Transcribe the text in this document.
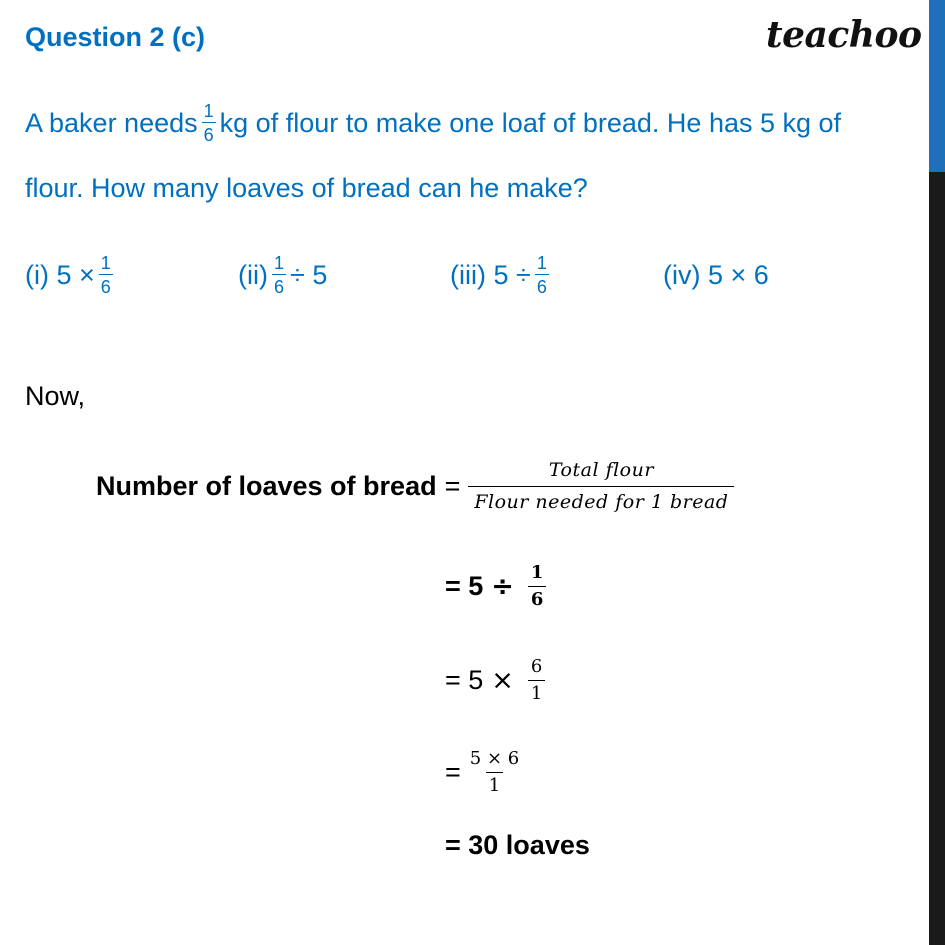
Question 2 (c)	teachoo
A baker needs $\frac{1}{6}$ kg of flour to make one loaf of bread. He has 5 kg of
flour. How many loaves of bread can he make?
(i) $5 \times \frac{1}{6}$	$(ii) \frac{1}{6} \div 5$	(iii) $5 \div \frac{1}{6}$	(iv) 5 × 6
Now,
Number of loaves of bread = $\frac{\text{Total flour}}{\text{Flour needed for 1 bread}}$
= $5 \div \frac{1}{6}$
= $5 \times \frac{6}{1}$
= $\frac{5 \times 6}{1}$
= 30 loaves
